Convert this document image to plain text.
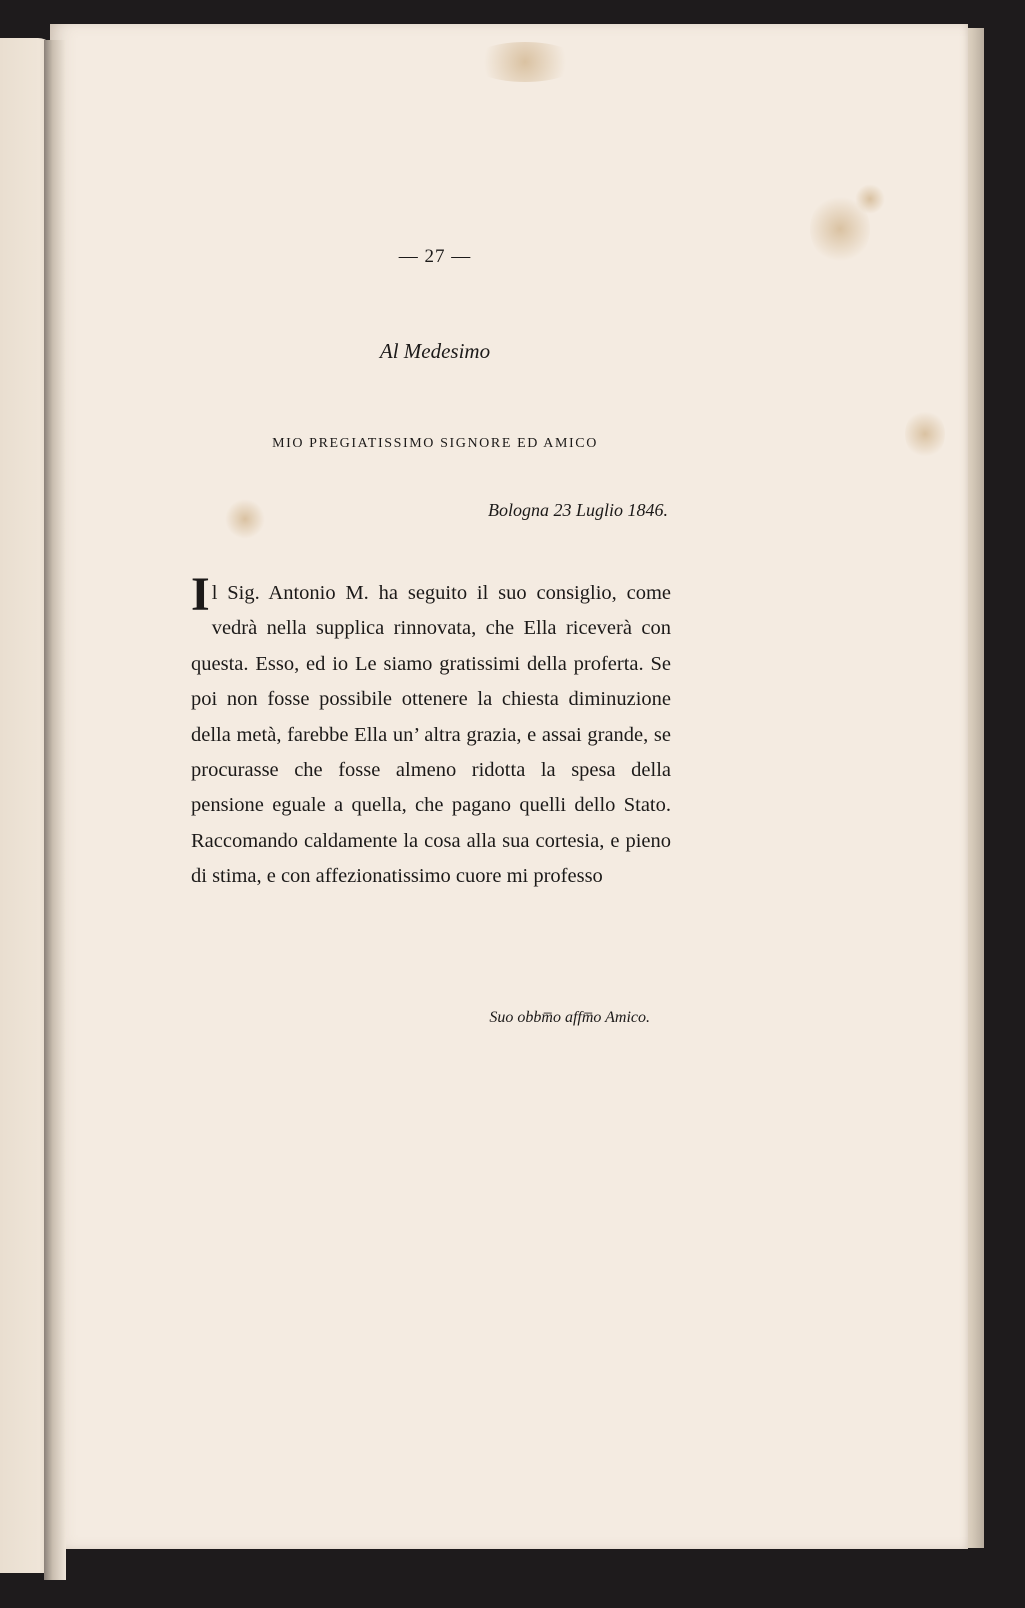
— 27 —
Al Medesimo
MIO PREGIATISSIMO SIGNORE ED AMICO
Bologna 23 Luglio 1846.

Il Sig. Antonio M. ha seguito il suo consiglio, come vedrà nella supplica rinnovata, che Ella riceverà con questa. Esso, ed io Le siamo gratissimi della proferta. Se poi non fosse possibile ottenere la chiesta diminuzione della metà, farebbe Ella un’ altra grazia, e assai grande, se procurasse che fosse almeno ridotta la spesa della pensione eguale a quella, che pagano quelli dello Stato. Raccomando caldamente la cosa alla sua cortesia, e pieno di stima, e con affezionatissimo cuore mi professo

Suo obbm̅o affm̅o Amico.
